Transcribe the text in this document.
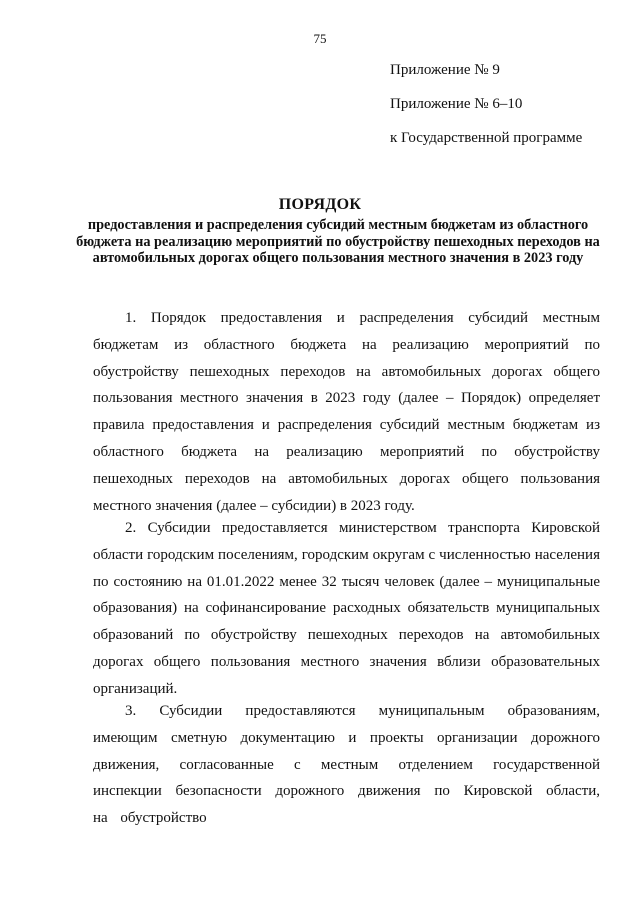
75
Приложение № 9
Приложение № 6–10
к Государственной программе
ПОРЯДОК
предоставления и распределения субсидий местным бюджетам из областного бюджета на реализацию мероприятий по обустройству пешеходных переходов на автомобильных дорогах общего пользования местного значения в 2023 году

1. Порядок предоставления и распределения субсидий местным бюджетам из областного бюджета на реализацию мероприятий по обустройству пешеходных переходов на автомобильных дорогах общего пользования местного значения в 2023 году (далее – Порядок) определяет правила предоставления и распределения субсидий местным бюджетам из областного бюджета на реализацию мероприятий по обустройству пешеходных переходов на автомобильных дорогах общего пользования местного значения (далее – субсидии) в 2023 году.

2. Субсидии предоставляется министерством транспорта Кировской области городским поселениям, городским округам с численностью населения по состоянию на 01.01.2022 менее 32 тысяч человек (далее – муниципальные образования) на софинансирование расходных обязательств муниципальных образований по обустройству пешеходных переходов на автомобильных дорогах общего пользования местного значения вблизи образовательных организаций.

3. Субсидии предоставляются муниципальным образованиям, имеющим сметную документацию и проекты организации дорожного движения, согласованные с местным отделением государственной инспекции безопасности дорожного движения по Кировской области, на обустройство
